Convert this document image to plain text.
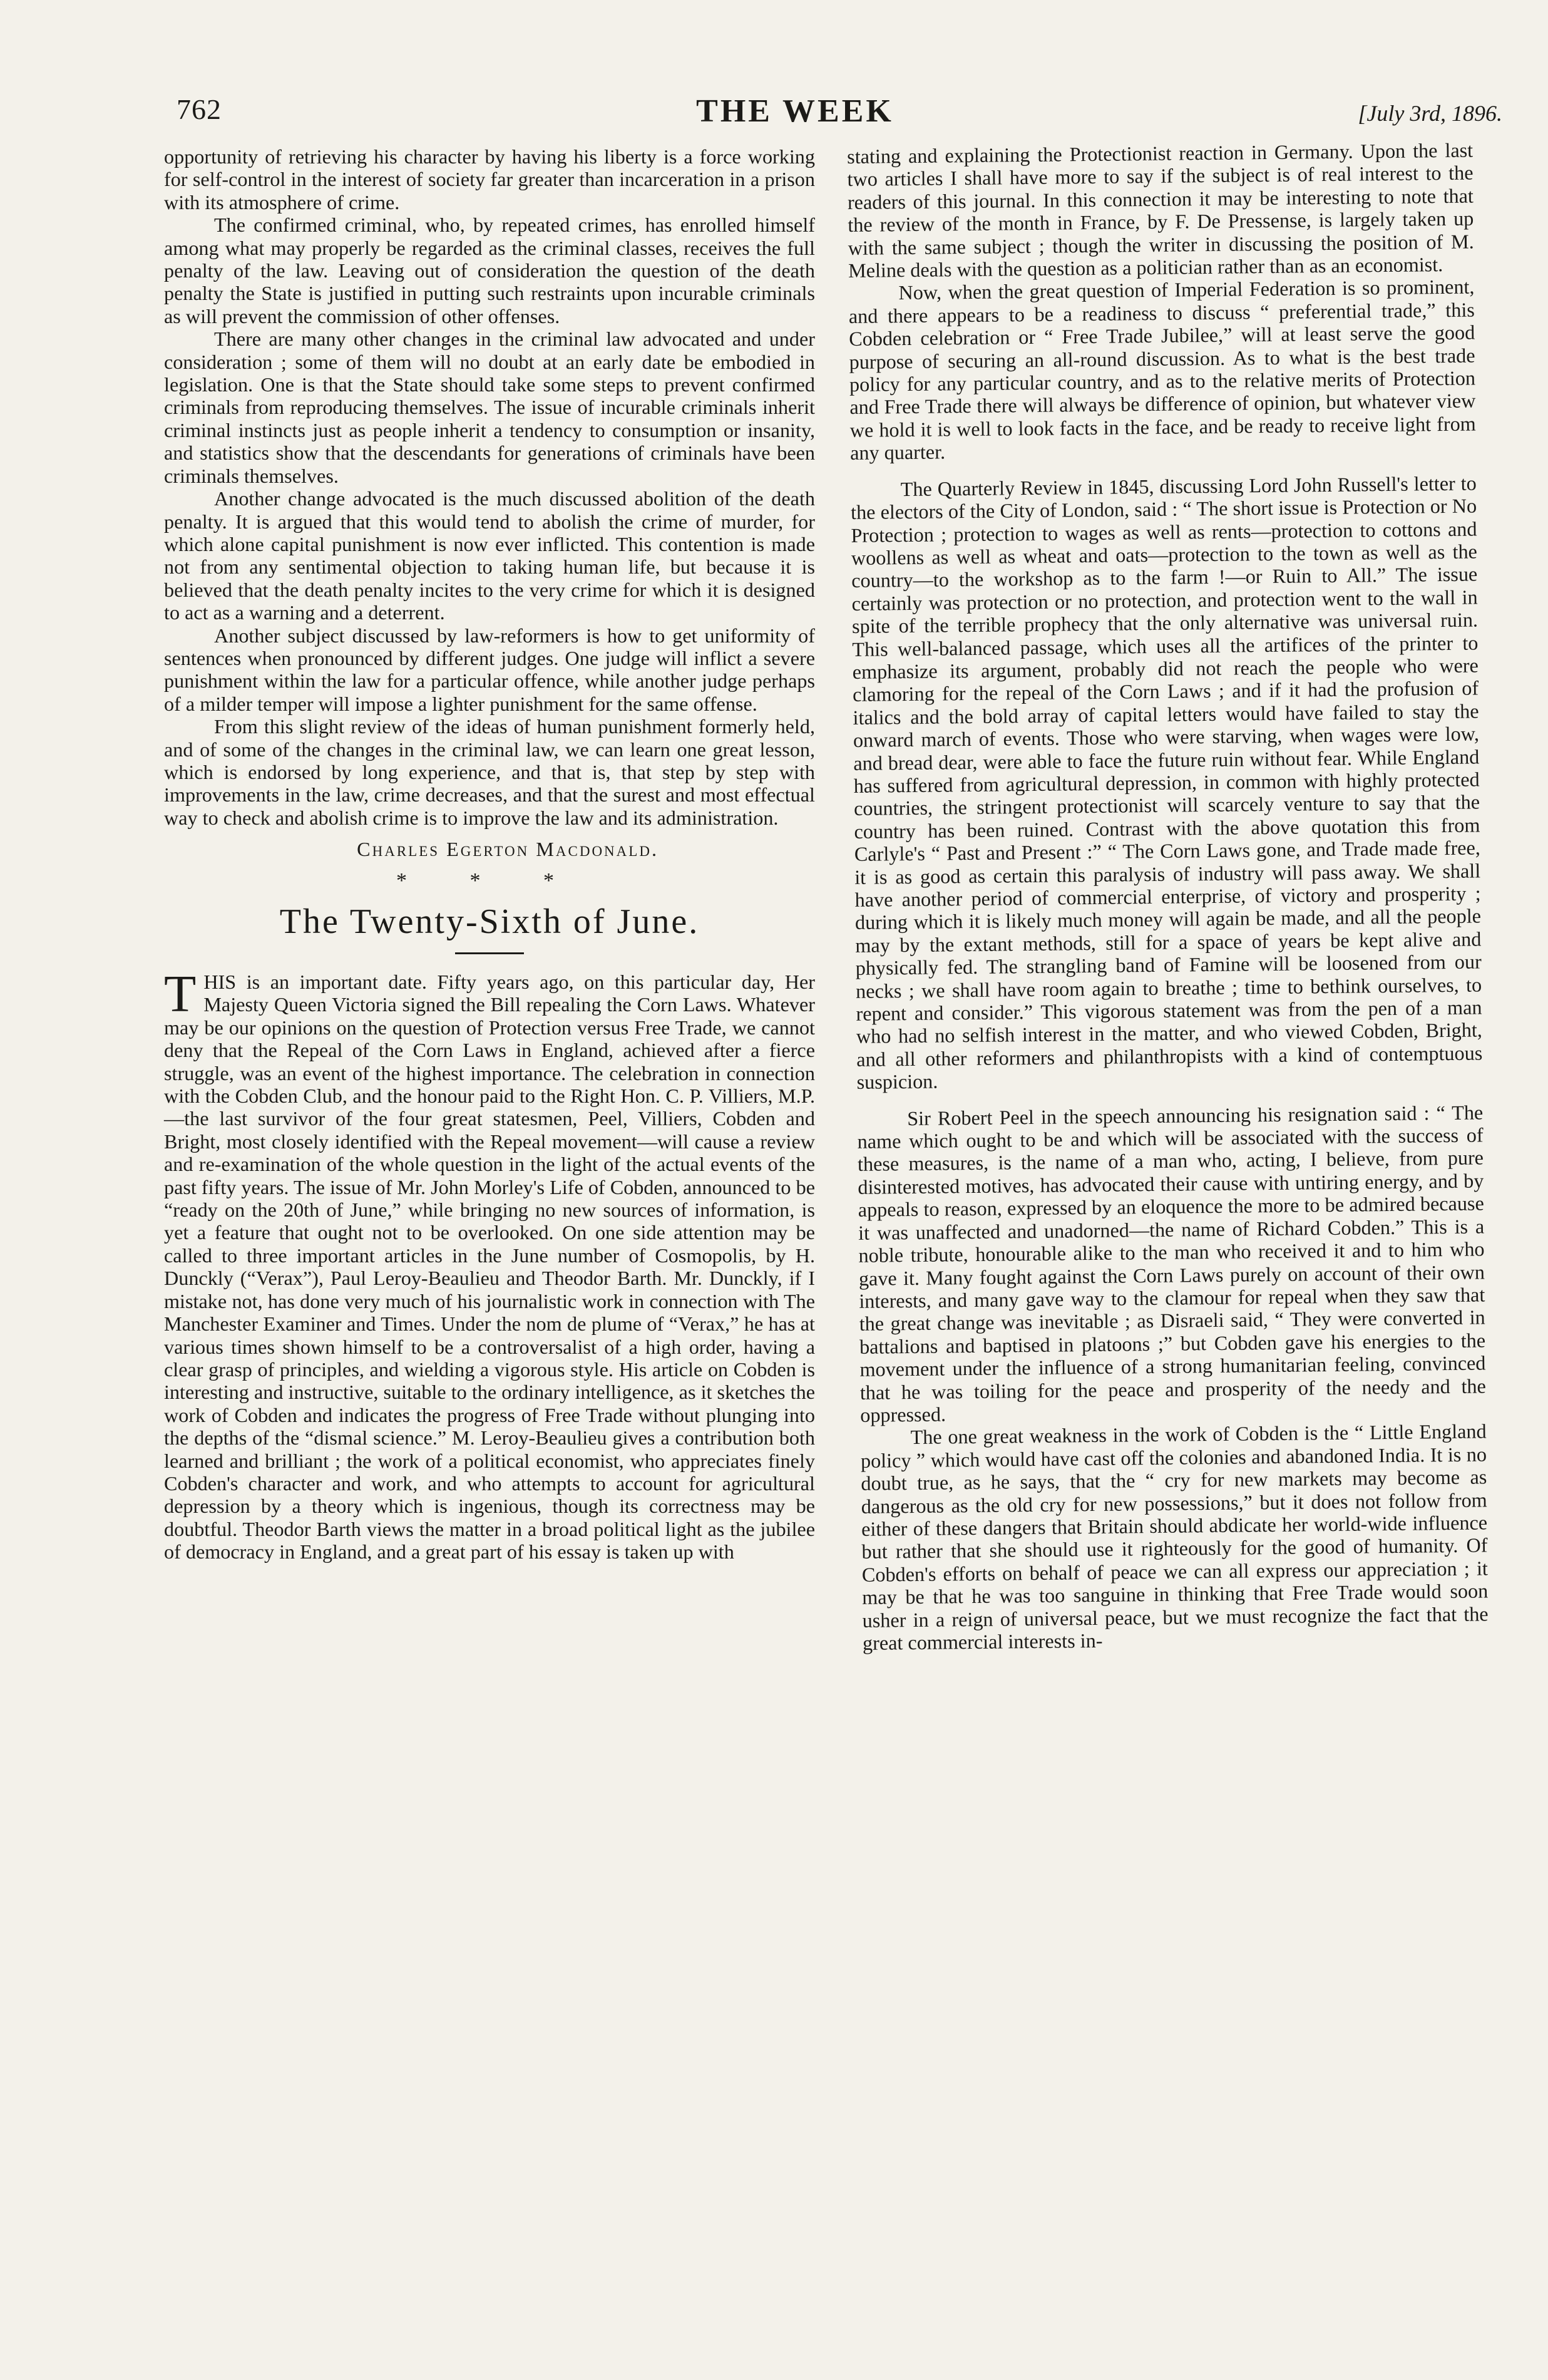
762	THE WEEK	[July 3rd, 1896.

opportunity of retrieving his character by having his liberty is a force working for self-control in the interest of society far greater than incarceration in a prison with its atmosphere of crime.

The confirmed criminal, who, by repeated crimes, has enrolled himself among what may properly be regarded as the criminal classes, receives the full penalty of the law. Leaving out of consideration the question of the death penalty the State is justified in putting such restraints upon incurable criminals as will prevent the commission of other offenses.

There are many other changes in the criminal law advocated and under consideration ; some of them will no doubt at an early date be embodied in legislation. One is that the State should take some steps to prevent confirmed criminals from reproducing themselves. The issue of incurable criminals inherit criminal instincts just as people inherit a tendency to consumption or insanity, and statistics show that the descendants for generations of criminals have been criminals themselves.

Another change advocated is the much discussed abolition of the death penalty. It is argued that this would tend to abolish the crime of murder, for which alone capital punishment is now ever inflicted. This contention is made not from any sentimental objection to taking human life, but because it is believed that the death penalty incites to the very crime for which it is designed to act as a warning and a deterrent.

Another subject discussed by law-reformers is how to get uniformity of sentences when pronounced by different judges. One judge will inflict a severe punishment within the law for a particular offence, while another judge perhaps of a milder temper will impose a lighter punishment for the same offense.

From this slight review of the ideas of human punishment formerly held, and of some of the changes in the criminal law, we can learn one great lesson, which is endorsed by long experience, and that is, that step by step with improvements in the law, crime decreases, and that the surest and most effectual way to check and abolish crime is to improve the law and its administration.

Charles Egerton Macdonald.
* * *
The Twenty-Sixth of June.

THIS is an important date. Fifty years ago, on this particular day, Her Majesty Queen Victoria signed the Bill repealing the Corn Laws. Whatever may be our opinions on the question of Protection versus Free Trade, we cannot deny that the Repeal of the Corn Laws in England, achieved after a fierce struggle, was an event of the highest importance. The celebration in connection with the Cobden Club, and the honour paid to the Right Hon. C. P. Villiers, M.P.—the last survivor of the four great statesmen, Peel, Villiers, Cobden and Bright, most closely identified with the Repeal movement—will cause a review and re-examination of the whole question in the light of the actual events of the past fifty years. The issue of Mr. John Morley's Life of Cobden, announced to be “ready on the 20th of June,” while bringing no new sources of information, is yet a feature that ought not to be overlooked. On one side attention may be called to three important articles in the June number of Cosmopolis, by H. Dunckly (“Verax”), Paul Leroy-Beaulieu and Theodor Barth. Mr. Dunckly, if I mistake not, has done very much of his journalistic work in connection with The Manchester Examiner and Times. Under the nom de plume of “Verax,” he has at various times shown himself to be a controversalist of a high order, having a clear grasp of principles, and wielding a vigorous style. His article on Cobden is interesting and instructive, suitable to the ordinary intelligence, as it sketches the work of Cobden and indicates the progress of Free Trade without plunging into the depths of the “dismal science.” M. Leroy-Beaulieu gives a contribution both learned and brilliant ; the work of a political economist, who appreciates finely Cobden's character and work, and who attempts to account for agricultural depression by a theory which is ingenious, though its correctness may be doubtful. Theodor Barth views the matter in a broad political light as the jubilee of democracy in England, and a great part of his essay is taken up with

stating and explaining the Protectionist reaction in Germany. Upon the last two articles I shall have more to say if the subject is of real interest to the readers of this journal. In this connection it may be interesting to note that the review of the month in France, by F. De Pressense, is largely taken up with the same subject ; though the writer in discussing the position of M. Meline deals with the question as a politician rather than as an economist.

Now, when the great question of Imperial Federation is so prominent, and there appears to be a readiness to discuss “ preferential trade,” this Cobden celebration or “ Free Trade Jubilee,” will at least serve the good purpose of securing an all-round discussion. As to what is the best trade policy for any particular country, and as to the relative merits of Protection and Free Trade there will always be difference of opinion, but whatever view we hold it is well to look facts in the face, and be ready to receive light from any quarter.

The Quarterly Review in 1845, discussing Lord John Russell's letter to the electors of the City of London, said : “ The short issue is Protection or No Protection ; protection to wages as well as rents—protection to cottons and woollens as well as wheat and oats—protection to the town as well as the country—to the workshop as to the farm !—or Ruin to All.” The issue certainly was protection or no protection, and protection went to the wall in spite of the terrible prophecy that the only alternative was universal ruin. This well-balanced passage, which uses all the artifices of the printer to emphasize its argument, probably did not reach the people who were clamoring for the repeal of the Corn Laws ; and if it had the profusion of italics and the bold array of capital letters would have failed to stay the onward march of events. Those who were starving, when wages were low, and bread dear, were able to face the future ruin without fear. While England has suffered from agricultural depression, in common with highly protected countries, the stringent protectionist will scarcely venture to say that the country has been ruined. Contrast with the above quotation this from Carlyle's “ Past and Present :” “ The Corn Laws gone, and Trade made free, it is as good as certain this paralysis of industry will pass away. We shall have another period of commercial enterprise, of victory and prosperity ; during which it is likely much money will again be made, and all the people may by the extant methods, still for a space of years be kept alive and physically fed. The strangling band of Famine will be loosened from our necks ; we shall have room again to breathe ; time to bethink ourselves, to repent and consider.” This vigorous statement was from the pen of a man who had no selfish interest in the matter, and who viewed Cobden, Bright, and all other reformers and philanthropists with a kind of contemptuous suspicion.

Sir Robert Peel in the speech announcing his resignation said : “ The name which ought to be and which will be associated with the success of these measures, is the name of a man who, acting, I believe, from pure disinterested motives, has advocated their cause with untiring energy, and by appeals to reason, expressed by an eloquence the more to be admired because it was unaffected and unadorned—the name of Richard Cobden.” This is a noble tribute, honourable alike to the man who received it and to him who gave it. Many fought against the Corn Laws purely on account of their own interests, and many gave way to the clamour for repeal when they saw that the great change was inevitable ; as Disraeli said, “ They were converted in battalions and baptised in platoons ;” but Cobden gave his energies to the movement under the influence of a strong humanitarian feeling, convinced that he was toiling for the peace and prosperity of the needy and the oppressed.

The one great weakness in the work of Cobden is the “ Little England policy ” which would have cast off the colonies and abandoned India. It is no doubt true, as he says, that the “ cry for new markets may become as dangerous as the old cry for new possessions,” but it does not follow from either of these dangers that Britain should abdicate her world-wide influence but rather that she should use it righteously for the good of humanity. Of Cobden's efforts on behalf of peace we can all express our appreciation ; it may be that he was too sanguine in thinking that Free Trade would soon usher in a reign of universal peace, but we must recognize the fact that the great commercial interests in-
